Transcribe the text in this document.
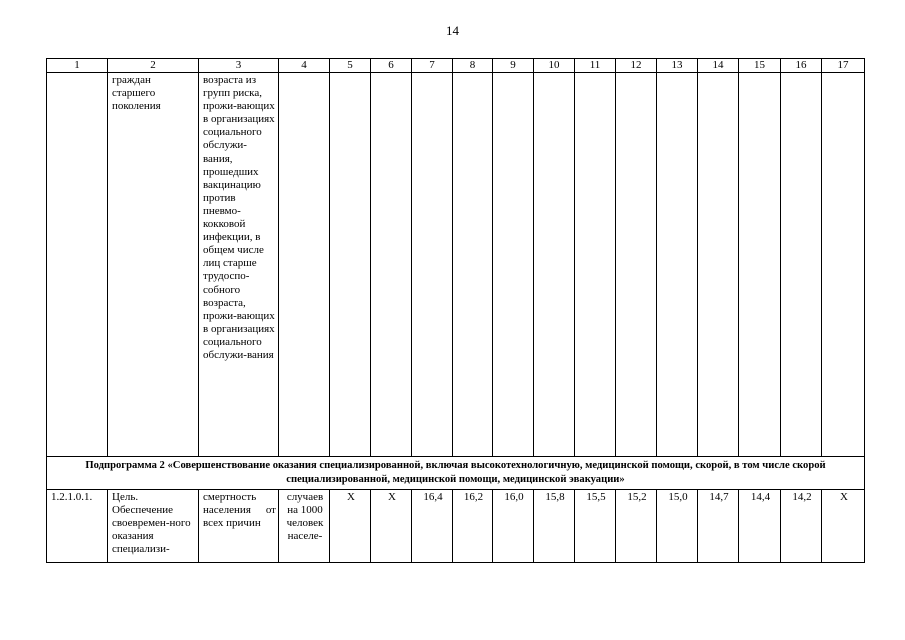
14
1	2	3	4	5	6	7	8	9	10	11	12	13	14	15	16	17
	граждан старшего поколения	возраста из групп риска, прожи-вающих в организациях социального обслужи-вания, прошедших вакцинацию против пневмо-кокковой инфекции, в общем числе лиц старше трудоспо-собного возраста, прожи-вающих в организациях социального обслужи-вания														
Подпрограмма 2 «Совершенствование оказания специализированной, включая высокотехнологичную, медицинской помощи, скорой, в том числе скорой специализированной, медицинской помощи, медицинской эвакуации»																
1.2.1.0.1.	Цель. Обеспечение своевремен-ного оказания специализи-	смертность населения от всех причин	случаев на 1000 человек населе-	Х	Х	16,4	16,2	16,0	15,8	15,5	15,2	15,0	14,7	14,4	14,2	Х
